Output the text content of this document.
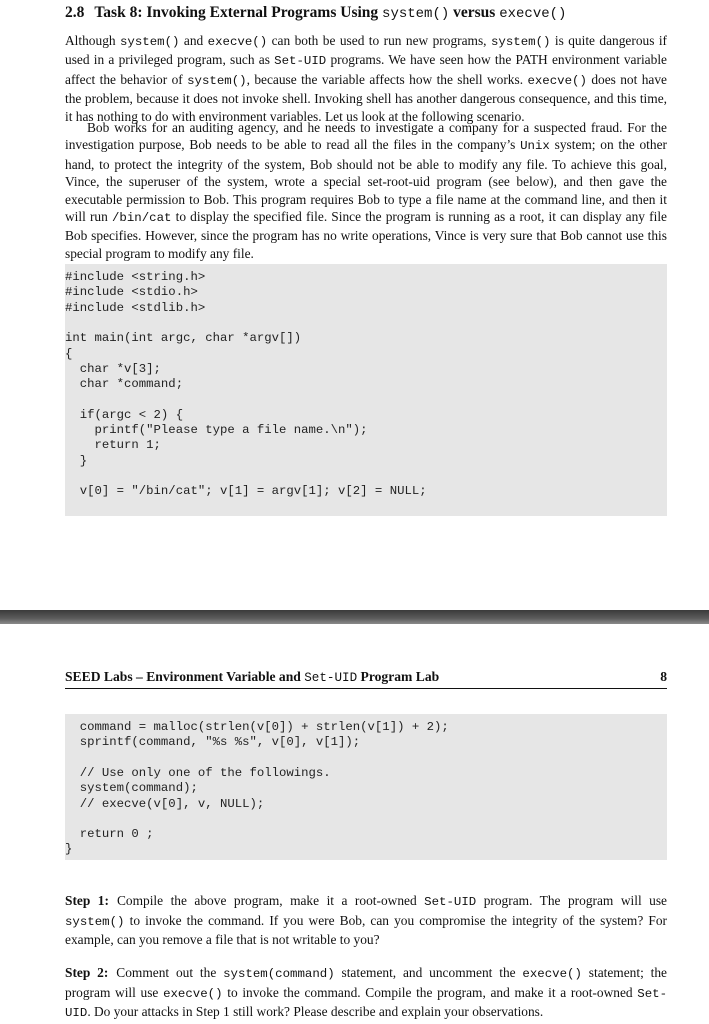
2.8 Task 8: Invoking External Programs Using system() versus execve()

Although system() and execve() can both be used to run new programs, system() is quite dangerous if used in a privileged program, such as Set-UID programs. We have seen how the PATH environment variable affect the behavior of system(), because the variable affects how the shell works. execve() does not have the problem, because it does not invoke shell. Invoking shell has another dangerous consequence, and this time, it has nothing to do with environment variables. Let us look at the following scenario.

Bob works for an auditing agency, and he needs to investigate a company for a suspected fraud. For the investigation purpose, Bob needs to be able to read all the files in the company’s Unix system; on the other hand, to protect the integrity of the system, Bob should not be able to modify any file. To achieve this goal, Vince, the superuser of the system, wrote a special set-root-uid program (see below), and then gave the executable permission to Bob. This program requires Bob to type a file name at the command line, and then it will run /bin/cat to display the specified file. Since the program is running as a root, it can display any file Bob specifies. However, since the program has no write operations, Vince is very sure that Bob cannot use this special program to modify any file.

#include <string.h>
#include <stdio.h>
#include <stdlib.h>
int main(int argc, char *argv[])
{
char *v[3];
char *command;
if(argc < 2) {
printf("Please type a file name.\n");
return 1;
}
v[0] = "/bin/cat"; v[1] = argv[1]; v[2] = NULL;
SEED Labs – Environment Variable and Set-UID Program Lab	8
command = malloc(strlen(v[0]) + strlen(v[1]) + 2);
sprintf(command, "%s %s", v[0], v[1]);
// Use only one of the followings.
system(command);
// execve(v[0], v, NULL);
return 0 ;
}

Step 1: Compile the above program, make it a root-owned Set-UID program. The program will use system() to invoke the command. If you were Bob, can you compromise the integrity of the system? For example, can you remove a file that is not writable to you?

Step 2: Comment out the system(command) statement, and uncomment the execve() statement; the program will use execve() to invoke the command. Compile the program, and make it a root-owned Set-UID. Do your attacks in Step 1 still work? Please describe and explain your observations.
